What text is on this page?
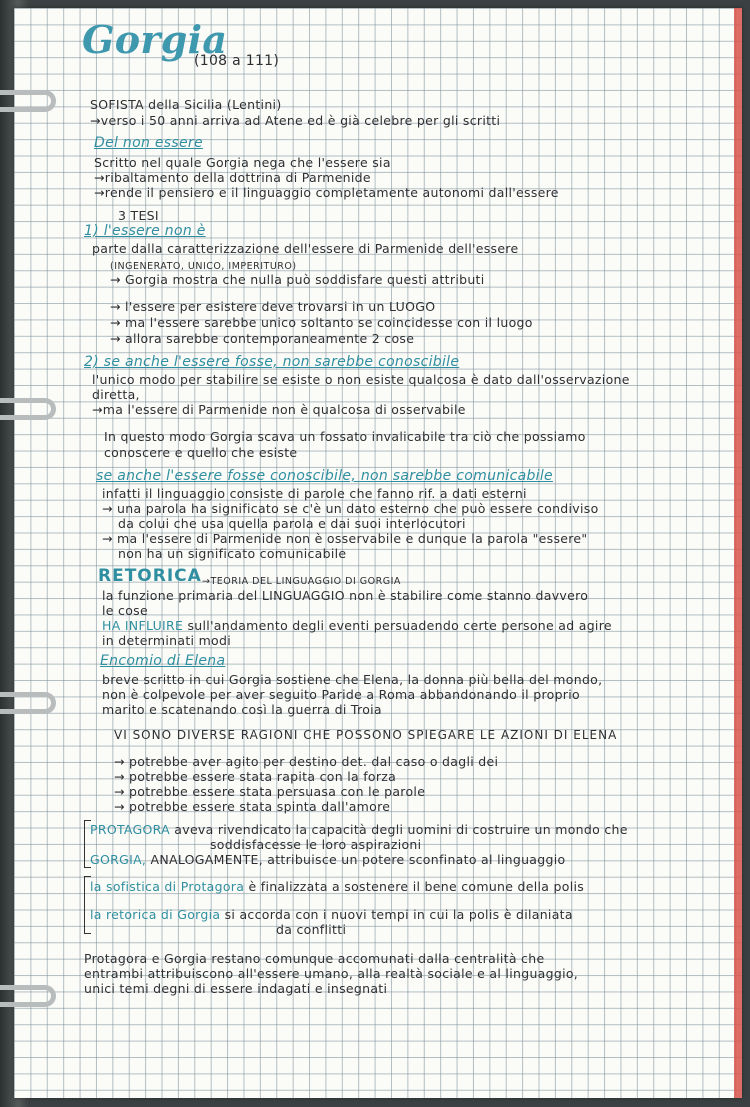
Gorgia
(108 a 111)
SOFISTA della Sicilia (Lentini)
→verso i 50 anni arriva ad Atene ed è già celebre per gli scritti
Del non essere
Scritto nel quale Gorgia nega che l'essere sia
→ribaltamento della dottrina di Parmenide
→rende il pensiero e il linguaggio completamente autonomi dall'essere
3 TESI
1) l'essere non è
parte dalla caratterizzazione dell'essere di Parmenide dell'essere
(INGENERATO, UNICO, IMPERITURO)
→ Gorgia mostra che nulla può soddisfare questi attributi
→ l'essere per esistere deve trovarsi in un LUOGO
→ ma l'essere sarebbe unico soltanto se coincidesse con il luogo
→ allora sarebbe contemporaneamente 2 cose
2) se anche l'essere fosse, non sarebbe conoscibile
l'unico modo per stabilire se esiste o non esiste qualcosa è dato dall'osservazione
diretta,
→ma l'essere di Parmenide non è qualcosa di osservabile
In questo modo Gorgia scava un fossato invalicabile tra ciò che possiamo
conoscere e quello che esiste
se anche l'essere fosse conoscibile, non sarebbe comunicabile
infatti il linguaggio consiste di parole che fanno rif. a dati esterni
→ una parola ha significato se c'è un dato esterno che può essere condiviso
da colui che usa quella parola e dai suoi interlocutori
→ ma l'essere di Parmenide non è osservabile e dunque la parola "essere"
non ha un significato comunicabile
RETORICA →TEORIA DEL LINGUAGGIO DI GORGIA
la funzione primaria del LINGUAGGIO non è stabilire come stanno davvero
le cose
HA INFLUIRE sull'andamento degli eventi persuadendo certe persone ad agire
in determinati modi
Encomio di Elena
breve scritto in cui Gorgia sostiene che Elena, la donna più bella del mondo,
non è colpevole per aver seguito Paride a Roma abbandonando il proprio
marito e scatenando così la guerra di Troia
VI SONO DIVERSE RAGIONI CHE POSSONO SPIEGARE LE AZIONI DI ELENA
→ potrebbe aver agito per destino det. dal caso o dagli dei
→ potrebbe essere stata rapita con la forza
→ potrebbe essere stata persuasa con le parole
→ potrebbe essere stata spinta dall'amore
PROTAGORA aveva rivendicato la capacità degli uomini di costruire un mondo che
soddisfacesse le loro aspirazioni
GORGIA, ANALOGAMENTE, attribuisce un potere sconfinato al linguaggio
la sofistica di Protagora è finalizzata a sostenere il bene comune della polis
la retorica di Gorgia si accorda con i nuovi tempi in cui la polis è dilaniata
da conflitti
Protagora e Gorgia restano comunque accomunati dalla centralità che
entrambi attribuiscono all'essere umano, alla realtà sociale e al linguaggio,
unici temi degni di essere indagati e insegnati
